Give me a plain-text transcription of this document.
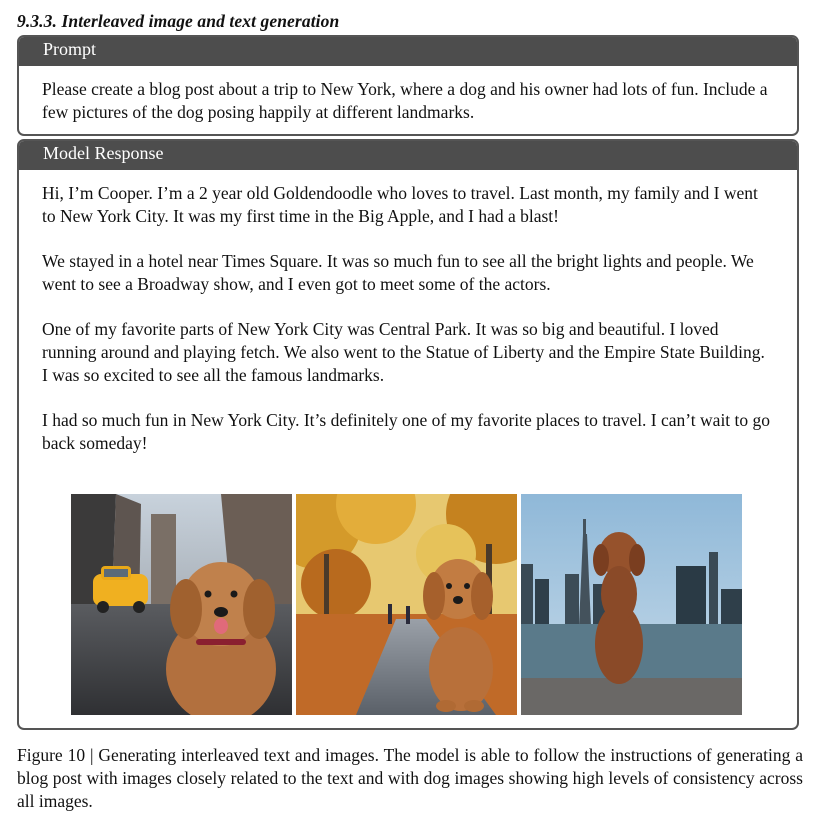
9.3.3. Interleaved image and text generation
Prompt

Please create a blog post about a trip to New York, where a dog and his owner had lots of fun. Include a few pictures of the dog posing happily at different landmarks.

Model Response

Hi, I’m Cooper. I’m a 2 year old Goldendoodle who loves to travel. Last month, my family and I went to New York City. It was my first time in the Big Apple, and I had a blast!

We stayed in a hotel near Times Square. It was so much fun to see all the bright lights and people. We went to see a Broadway show, and I even got to meet some of the actors.

One of my favorite parts of New York City was Central Park. It was so big and beautiful. I loved running around and playing fetch. We also went to the Statue of Liberty and the Empire State Building. I was so excited to see all the famous landmarks.

I had so much fun in New York City. It’s definitely one of my favorite places to travel. I can’t wait to go back someday!

Figure 10 | Generating interleaved text and images. The model is able to follow the instructions of generating a blog post with images closely related to the text and with dog images showing high levels of consistency across all images.
